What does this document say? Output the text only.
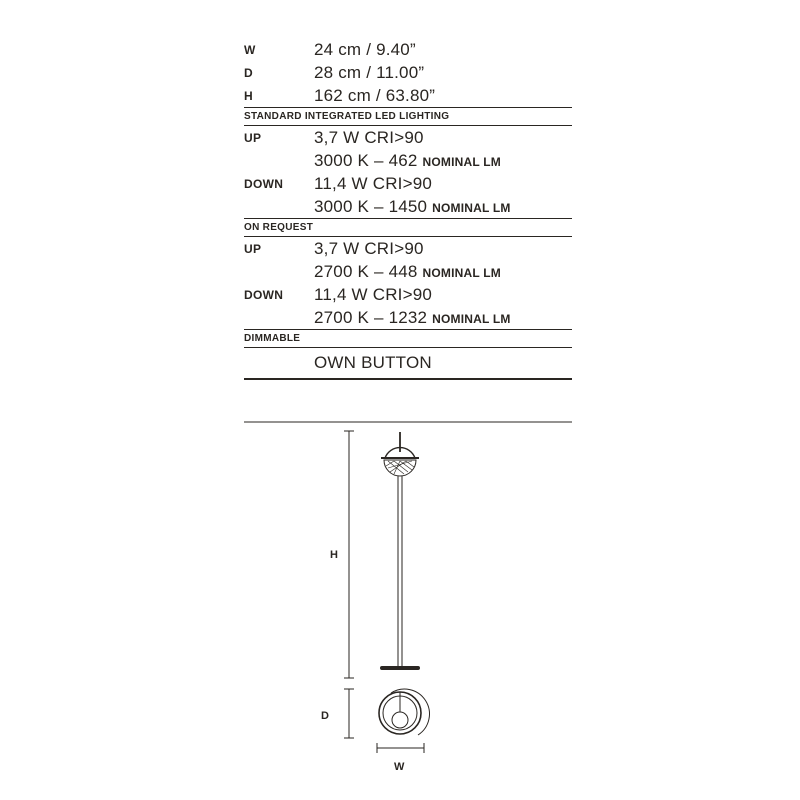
W	24 cm / 9.40”
D	28 cm / 11.00”
H	162 cm / 63.80”
STANDARD INTEGRATED LED LIGHTING
UP	3,7 W CRI>90
3000 K – 462 NOMINAL LM
DOWN	11,4 W CRI>90
3000 K – 1450 NOMINAL LM
ON REQUEST
UP	3,7 W CRI>90
2700 K – 448 NOMINAL LM
DOWN	11,4 W CRI>90
2700 K – 1232 NOMINAL LM
DIMMABLE
OWN BUTTON
H
D
W
